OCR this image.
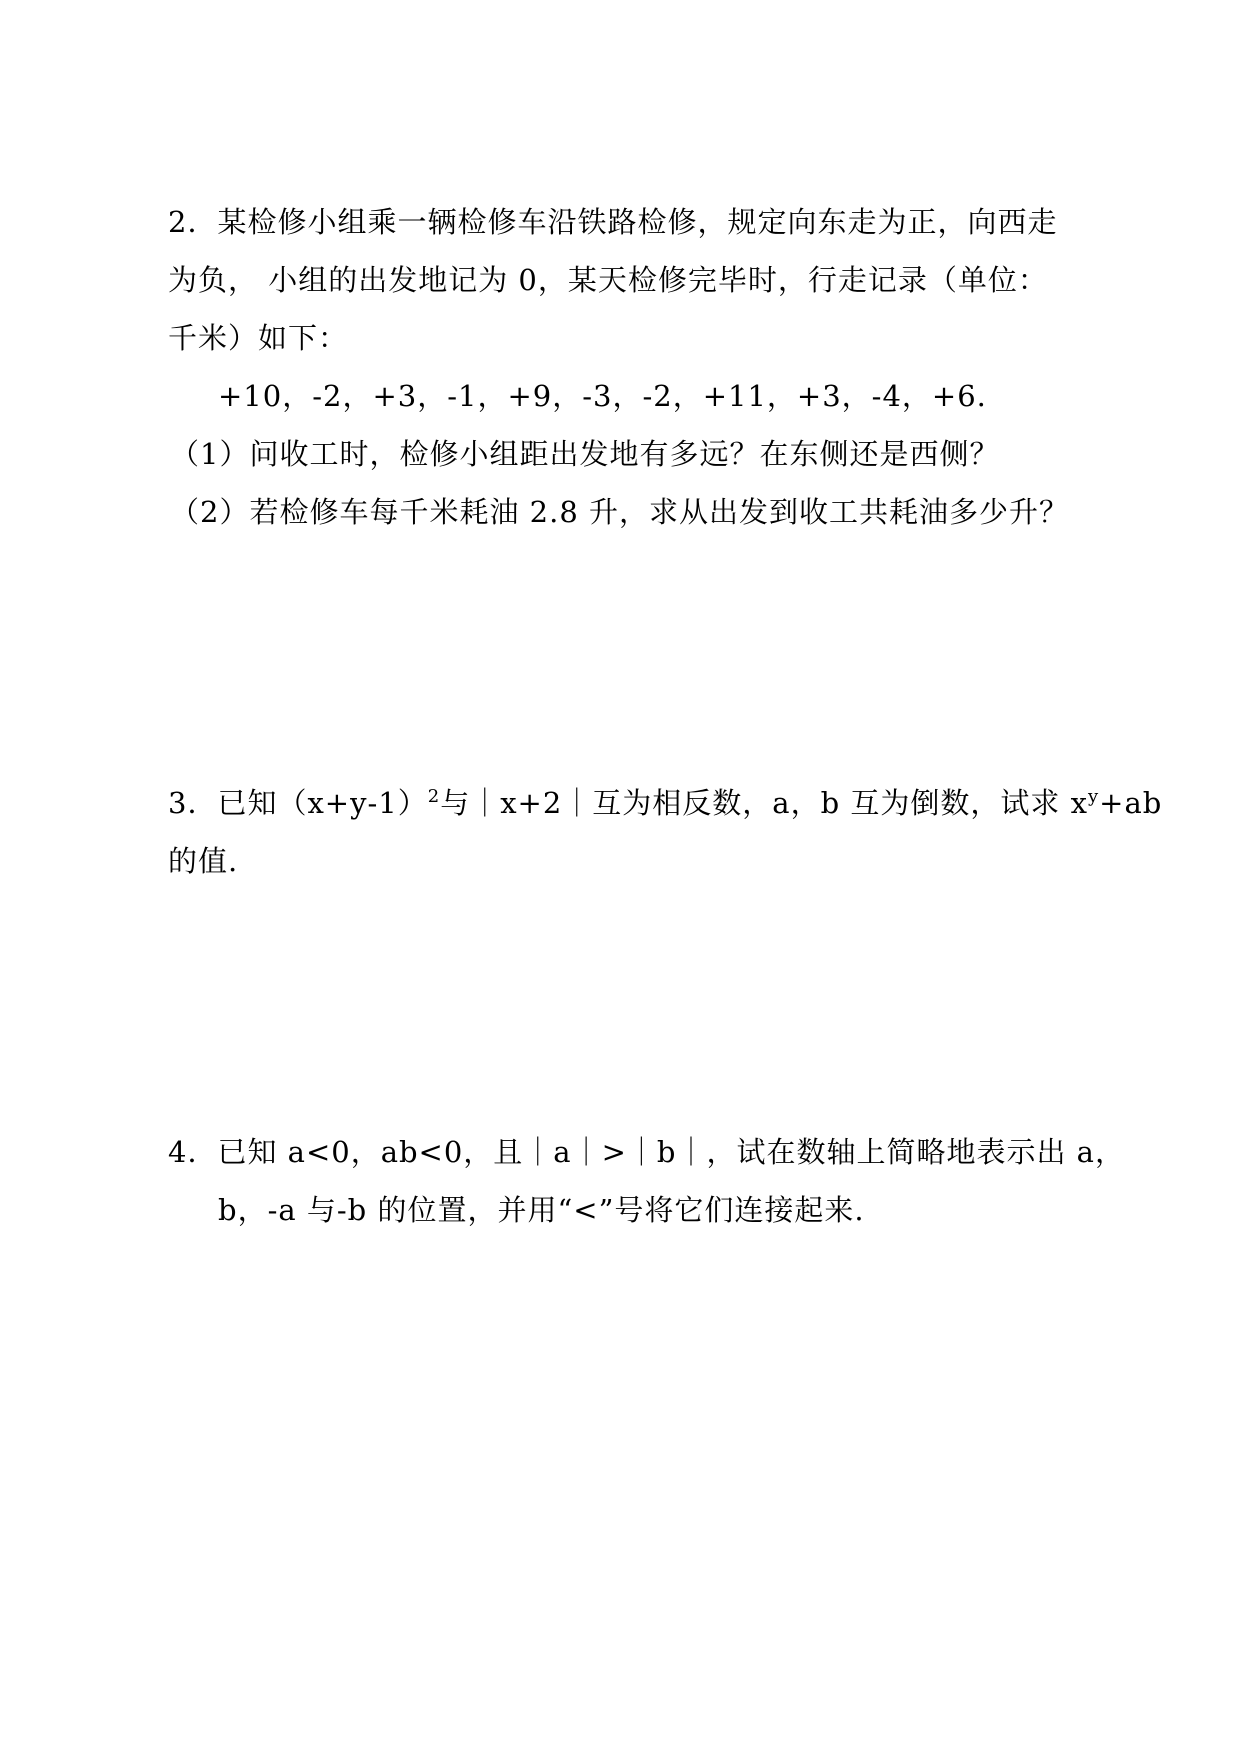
2．某检修小组乘一辆检修车沿铁路检修，规定向东走为正，向西走
为负， 小组的出发地记为 0，某天检修完毕时，行走记录（单位：
千米）如下：
+10，-2，+3，-1，+9，-3，-2，+11，+3，-4，+6.
（1）问收工时，检修小组距出发地有多远？在东侧还是西侧？
（2）若检修车每千米耗油 2.8 升，求从出发到收工共耗油多少升？
3．已知$(x+y-1)^2$与｜x+2｜互为相反数，a，b 互为倒数，试求 $x^y+ab$
的值.
4．已知 a<0，ab<0，且｜a｜>｜b｜，试在数轴上简略地表示出 a，
b，-a 与-b 的位置，并用“<”号将它们连接起来.
